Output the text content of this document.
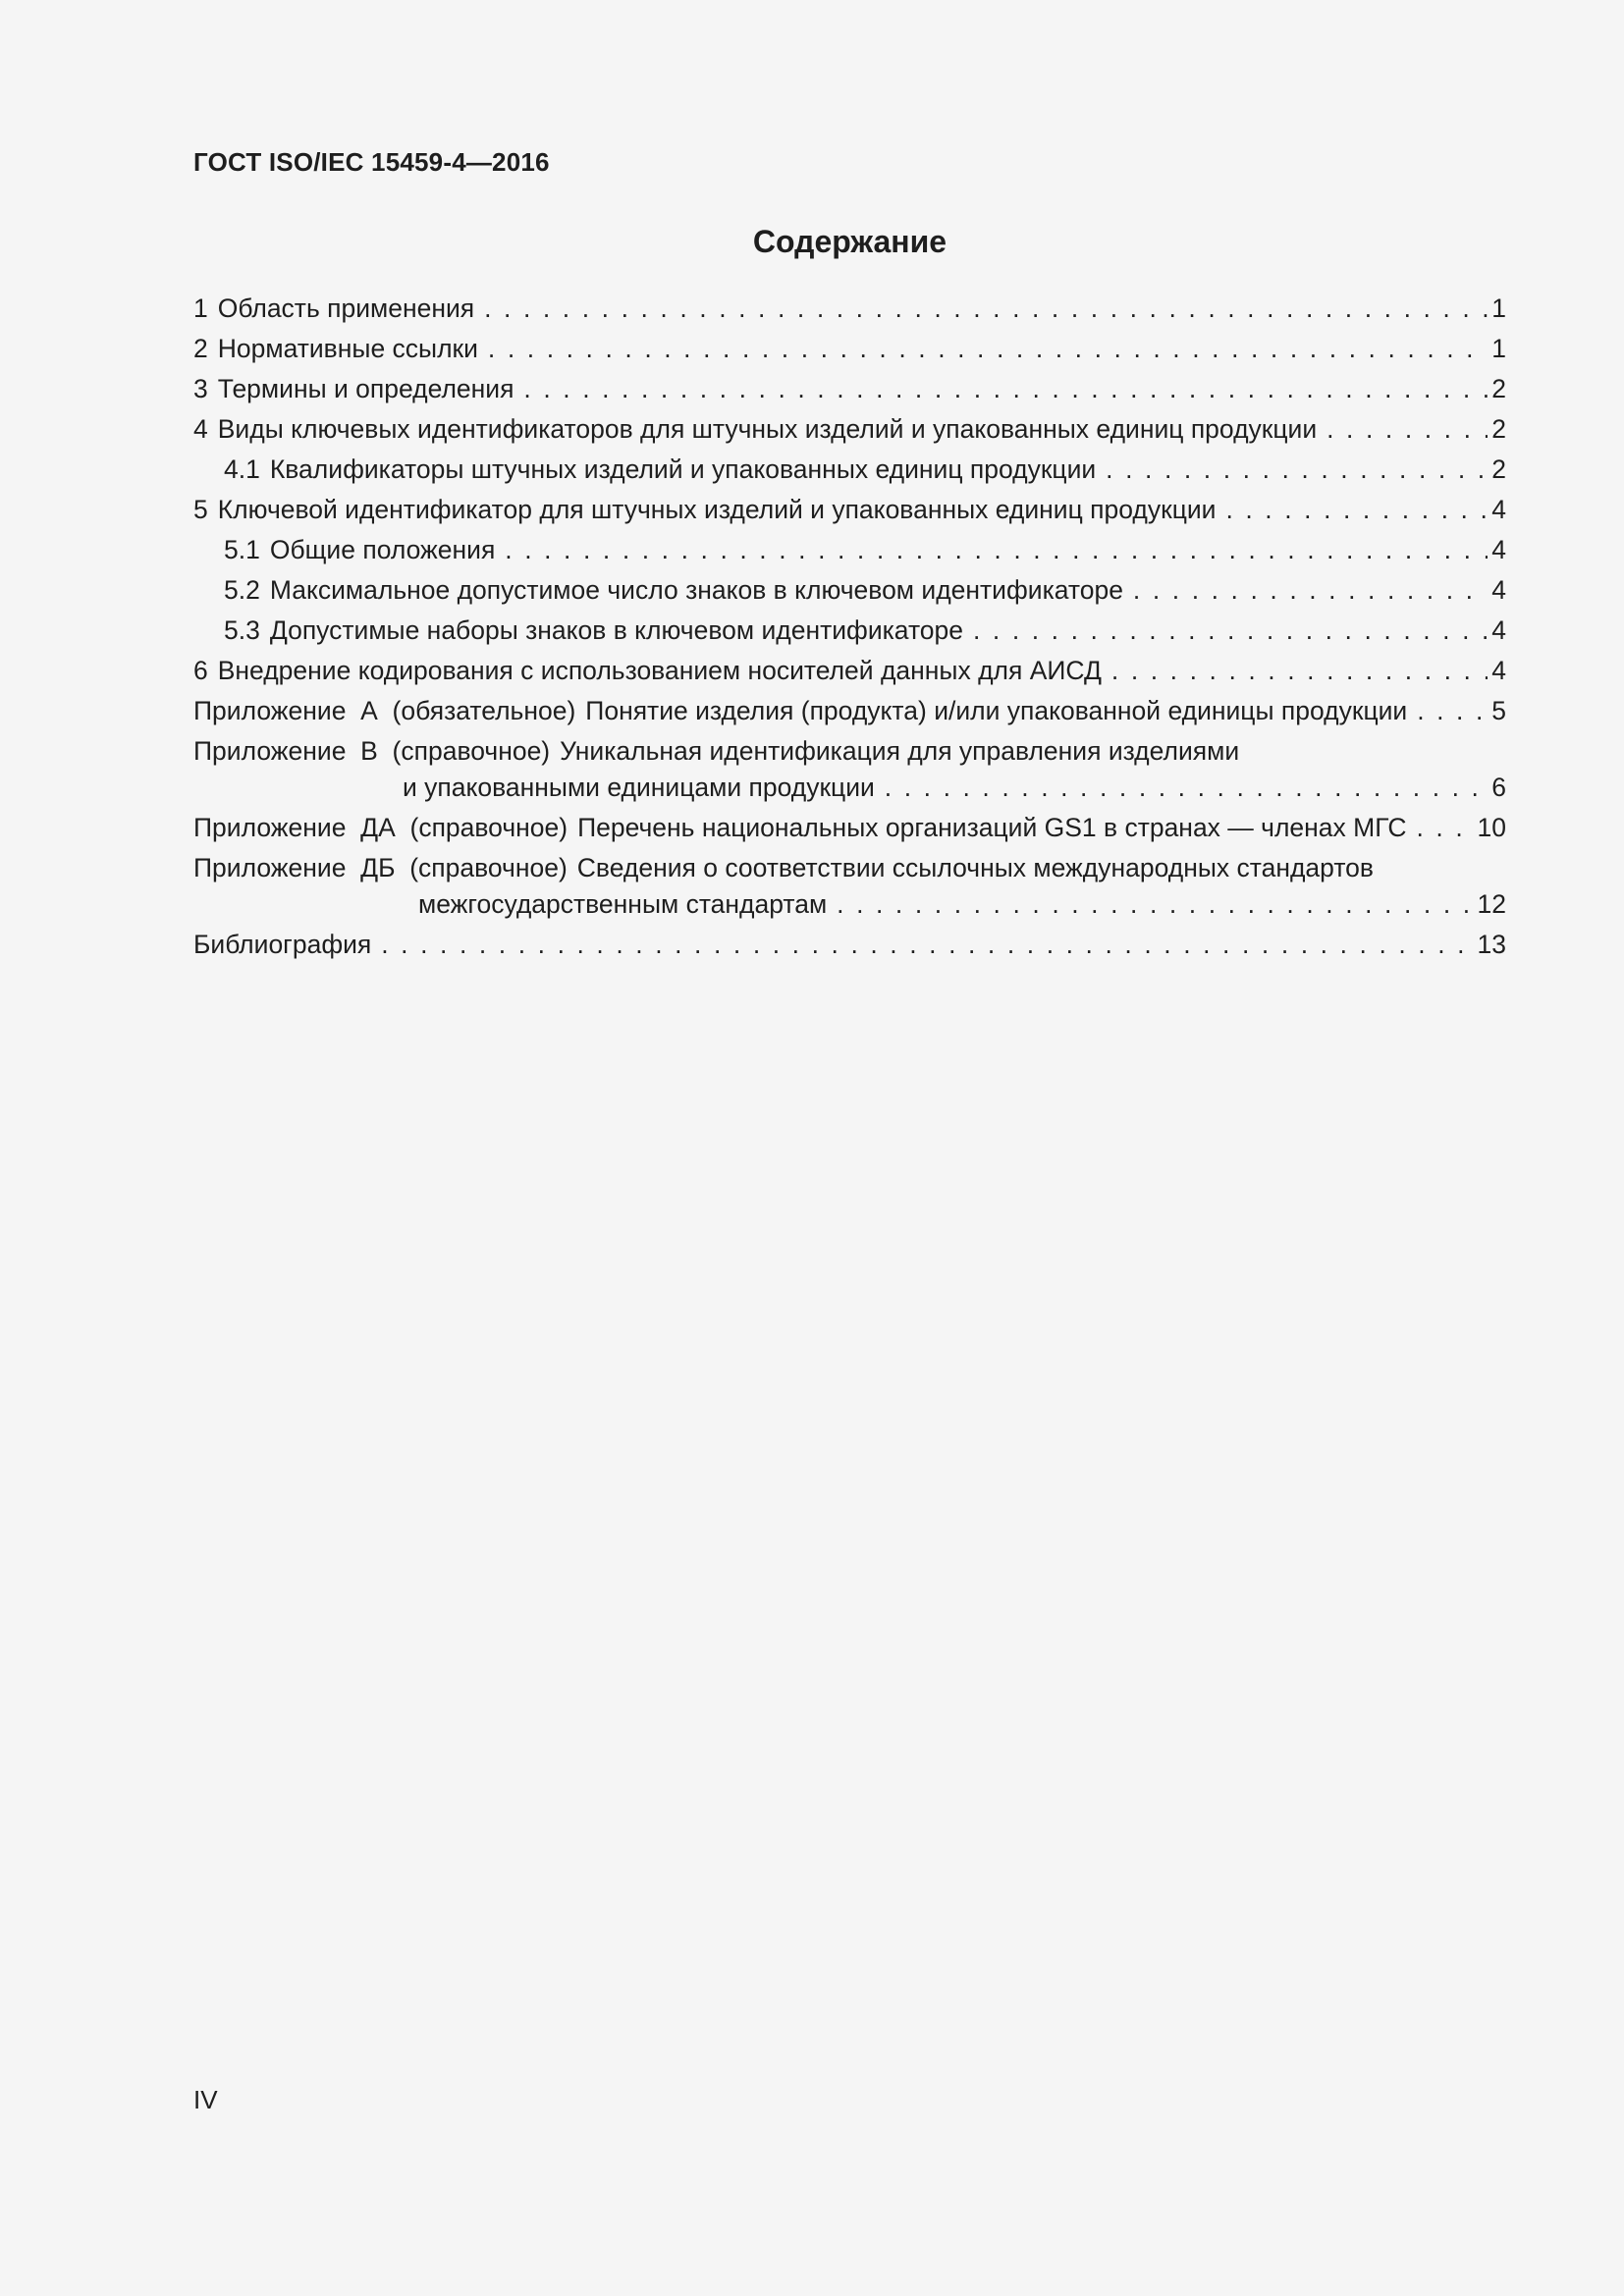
ГОСТ ISO/IEC 15459-4—2016
Содержание
1
1 Область применения . . .
1
2 Нормативные ссылки . . .
2
3 Термины и определения . . .
2
4 Виды ключевых идентификаторов для штучных изделий и упакованных единиц продукции . . .
2
4.1 Квалификаторы штучных изделий и упакованных единиц продукции . . .
4
5 Ключевой идентификатор для штучных изделий и упакованных единиц продукции . . .
4
5.1 Общие положения . . .
4
5.2 Максимальное допустимое число знаков в ключевом идентификаторе . . .
4
5.3 Допустимые наборы знаков в ключевом идентификаторе . . .
4
6 Внедрение кодирования с использованием носителей данных для АИСД . . .
5
Приложение  А  (обязательное) Понятие изделия (продукта) и/или упакованной единицы продукции . . .
Приложение  В  (справочное) Уникальная идентификация для управления изделиями
6
и упакованными единицами продукции . . .
10
Приложение  ДА  (справочное) Перечень национальных организаций GS1 в странах — членах МГС . . .
Приложение  ДБ  (справочное) Сведения о соответствии ссылочных международных стандартов
12
межгосударственным стандартам . . .
13
Библиография . . .
IV
